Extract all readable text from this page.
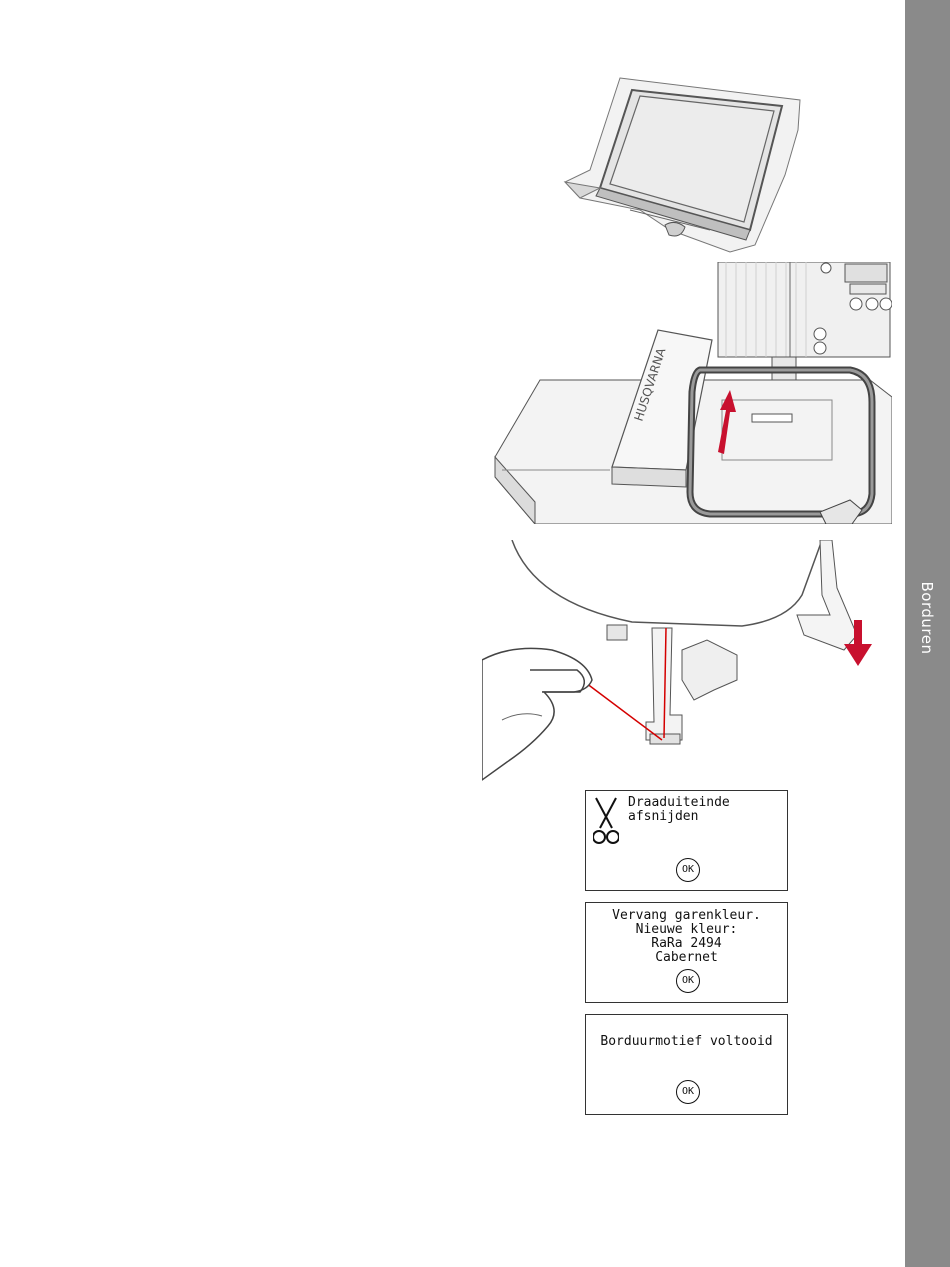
Borduren
HUSQVARNA
Draaduiteinde
afsnijden
OK
Vervang garenkleur.
Nieuwe kleur:
RaRa 2494
Cabernet
OK
Borduurmotief voltooid
OK
